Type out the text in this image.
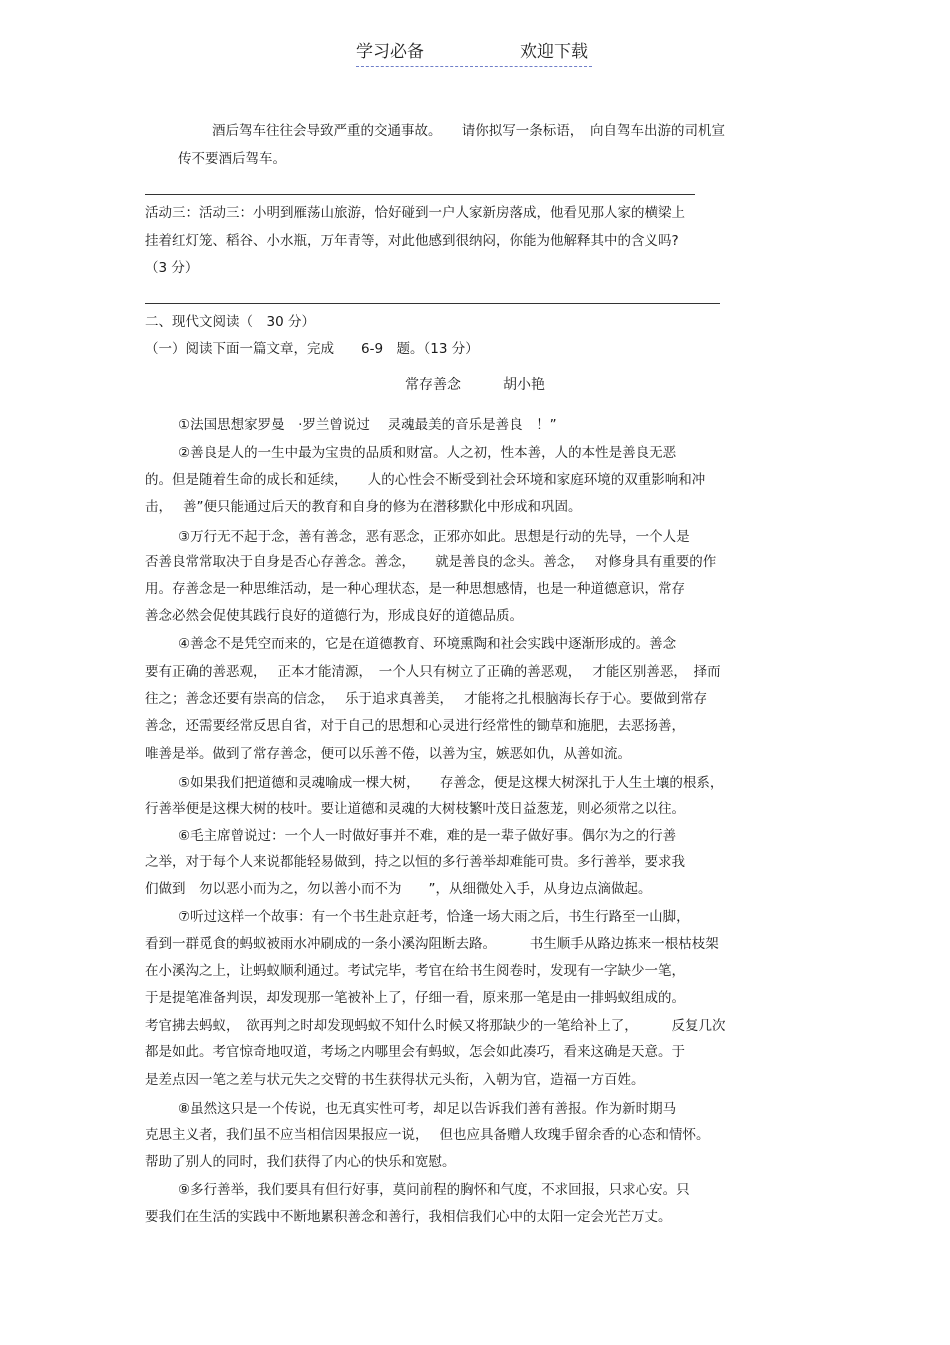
学习必备	欢迎下载
酒后驾车往往会导致严重的交通事故。　　请你拟写一条标语，　向自驾车出游的司机宣
传不要酒后驾车。
活动三：活动三：小明到雁荡山旅游，恰好碰到一户人家新房落成，他看见那人家的横梁上
挂着红灯笼、稻谷、小水瓶，万年青等，对此他感到很纳闷，你能为他解释其中的含义吗?
（3 分）
二、现代文阅读（　30 分）
（一）阅读下面一篇文章，完成　　6-9　题。（13 分）
常存善念　　　胡小艳
①法国思想家罗曼　·罗兰曾说过　 灵魂最美的音乐是善良　！”
②善良是人的一生中最为宝贵的品质和财富。人之初，性本善，人的本性是善良无恶
的。但是随着生命的成长和延续，　　人的心性会不断受到社会环境和家庭环境的双重影响和冲
击，　 善”便只能通过后天的教育和自身的修为在潜移默化中形成和巩固。
③万行无不起于念，善有善念，恶有恶念，正邪亦如此。思想是行动的先导，一个人是
否善良常常取决于自身是否心存善念。善念，　　就是善良的念头。善念，　 对修身具有重要的作
用。存善念是一种思维活动，是一种心理状态，是一种思想感情，也是一种道德意识，常存
善念必然会促使其践行良好的道德行为，形成良好的道德品质。
④善念不是凭空而来的，它是在道德教育、环境熏陶和社会实践中逐渐形成的。善念
要有正确的善恶观，　 正本才能清源，　一个人只有树立了正确的善恶观，　 才能区别善恶，　择而
往之；善念还要有崇高的信念，　 乐于追求真善美，　 才能将之扎根脑海长存于心。要做到常存
善念，还需要经常反思自省，对于自己的思想和心灵进行经常性的锄草和施肥，去恶扬善，
唯善是举。做到了常存善念，便可以乐善不倦，以善为宝，嫉恶如仇，从善如流。
⑤如果我们把道德和灵魂喻成一棵大树，　　存善念，便是这棵大树深扎于人生土壤的根系，
行善举便是这棵大树的枝叶。要让道德和灵魂的大树枝繁叶茂日益葱茏，则必须常之以往。
⑥毛主席曾说过：一个人一时做好事并不难，难的是一辈子做好事。偶尔为之的行善
之举，对于每个人来说都能轻易做到，持之以恒的多行善举却难能可贵。多行善举，要求我
们做到　勿以恶小而为之，勿以善小而不为　　”，从细微处入手，从身边点滴做起。
⑦听过这样一个故事：有一个书生赴京赶考，恰逢一场大雨之后，书生行路至一山脚，
看到一群觅食的蚂蚁被雨水冲刷成的一条小溪沟阻断去路。　　　书生顺手从路边拣来一根枯枝架
在小溪沟之上，让蚂蚁顺利通过。考试完毕，考官在给书生阅卷时，发现有一字缺少一笔，
于是提笔准备判误，却发现那一笔被补上了，仔细一看，原来那一笔是由一排蚂蚁组成的。
考官拂去蚂蚁，　欲再判之时却发现蚂蚁不知什么时候又将那缺少的一笔给补上了，　　　反复几次
都是如此。考官惊奇地叹道，考场之内哪里会有蚂蚁，怎会如此凑巧，看来这确是天意。于
是差点因一笔之差与状元失之交臂的书生获得状元头衔，入朝为官，造福一方百姓。
⑧虽然这只是一个传说，也无真实性可考，却足以告诉我们善有善报。作为新时期马
克思主义者，我们虽不应当相信因果报应一说，　 但也应具备赠人玫瑰手留余香的心态和情怀。
帮助了别人的同时，我们获得了内心的快乐和宽慰。
⑨多行善举，我们要具有但行好事，莫问前程的胸怀和气度，不求回报，只求心安。只
要我们在生活的实践中不断地累积善念和善行，我相信我们心中的太阳一定会光芒万丈。
